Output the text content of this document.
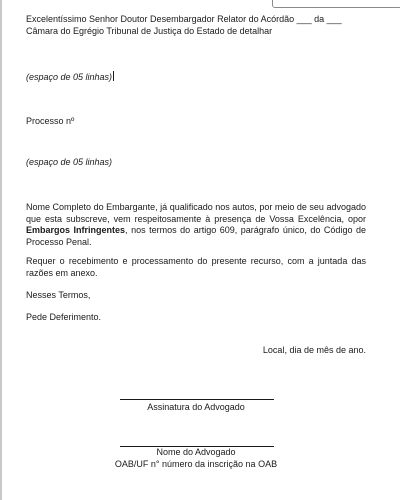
Excelentíssimo Senhor Doutor Desembargador Relator do Acórdão ___ da ___

Câmara do Egrégio Tribunal de Justiça do Estado de detalhar

(espaço de 05 linhas)

Processo nº

(espaço de 05 linhas)

Nome Completo do Embargante, já qualificado nos autos, por meio de seu advogado que esta subscreve, vem respeitosamente à presença de Vossa Excelência, opor Embargos Infringentes, nos termos do artigo 609, parágrafo único, do Código de Processo Penal.

Requer o recebimento e processamento do presente recurso, com a juntada das razões em anexo.

Nesses Termos,

Pede Deferimento.

Local, dia de mês de ano.

Assinatura do Advogado
Nome do Advogado
OAB/UF n° número da inscrição na OAB
